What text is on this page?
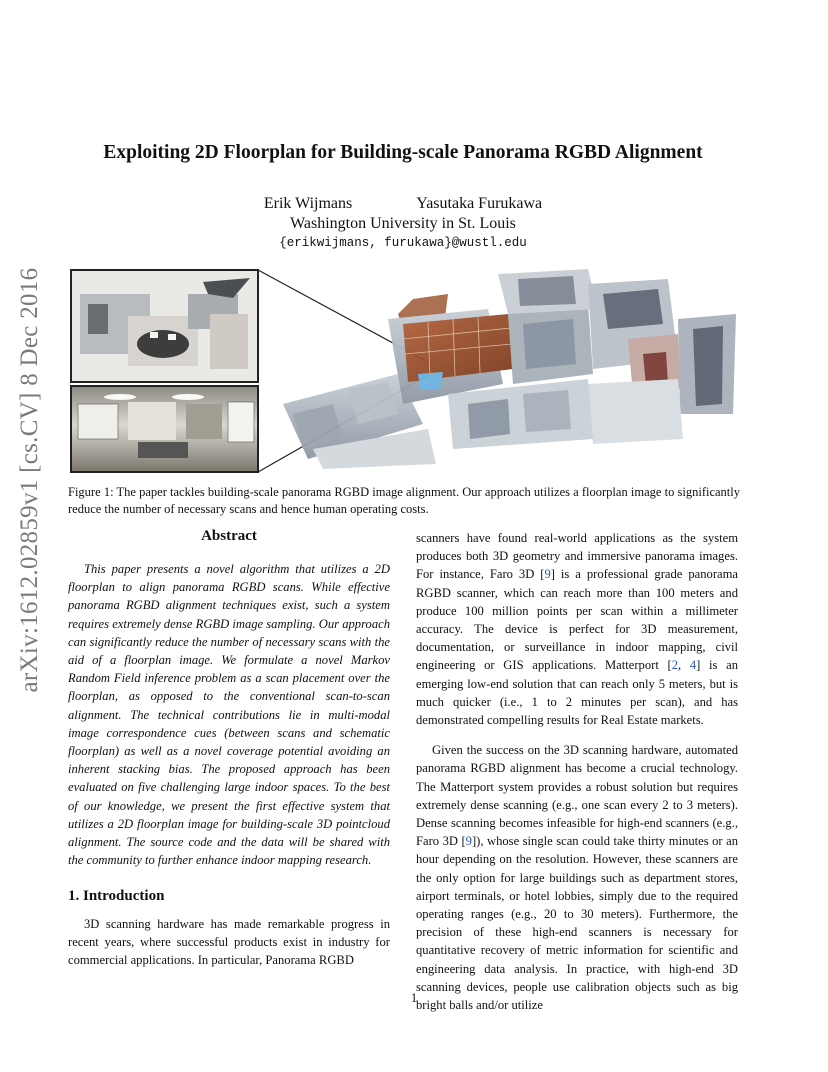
arXiv:1612.02859v1 [cs.CV] 8 Dec 2016
Exploiting 2D Floorplan for Building-scale Panorama RGBD Alignment
Erik Wijmans	Yasutaka Furukawa
Washington University in St. Louis
{erikwijmans, furukawa}@wustl.edu
Figure 1: The paper tackles building-scale panorama RGBD image alignment. Our approach utilizes a floorplan image to significantly reduce the number of necessary scans and hence human operating costs.
Abstract

This paper presents a novel algorithm that utilizes a 2D floorplan to align panorama RGBD scans. While effective panorama RGBD alignment techniques exist, such a system requires extremely dense RGBD image sampling. Our approach can significantly reduce the number of necessary scans with the aid of a floorplan image. We formulate a novel Markov Random Field inference problem as a scan placement over the floorplan, as opposed to the conventional scan-to-scan alignment. The technical contributions lie in multi-modal image correspondence cues (between scans and schematic floorplan) as well as a novel coverage potential avoiding an inherent stacking bias. The proposed approach has been evaluated on five challenging large indoor spaces. To the best of our knowledge, we present the first effective system that utilizes a 2D floorplan image for building-scale 3D pointcloud alignment. The source code and the data will be shared with the community to further enhance indoor mapping research.

1. Introduction

3D scanning hardware has made remarkable progress in recent years, where successful products exist in industry for commercial applications. In particular, Panorama RGBD

scanners have found real-world applications as the system produces both 3D geometry and immersive panorama images. For instance, Faro 3D [9] is a professional grade panorama RGBD scanner, which can reach more than 100 meters and produce 100 million points per scan within a millimeter accuracy. The device is perfect for 3D measurement, documentation, or surveillance in indoor mapping, civil engineering or GIS applications. Matterport [2, 4] is an emerging low-end solution that can reach only 5 meters, but is much quicker (i.e., 1 to 2 minutes per scan), and has demonstrated compelling results for Real Estate markets.

Given the success on the 3D scanning hardware, automated panorama RGBD alignment has become a crucial technology. The Matterport system provides a robust solution but requires extremely dense scanning (e.g., one scan every 2 to 3 meters). Dense scanning becomes infeasible for high-end scanners (e.g., Faro 3D [9]), whose single scan could take thirty minutes or an hour depending on the resolution. However, these scanners are the only option for large buildings such as department stores, airport terminals, or hotel lobbies, simply due to the required operating ranges (e.g., 20 to 30 meters). Furthermore, the precision of these high-end scanners is necessary for quantitative recovery of metric information for scientific and engineering data analysis. In practice, with high-end 3D scanning devices, people use calibration objects such as big bright balls and/or utilize

1
